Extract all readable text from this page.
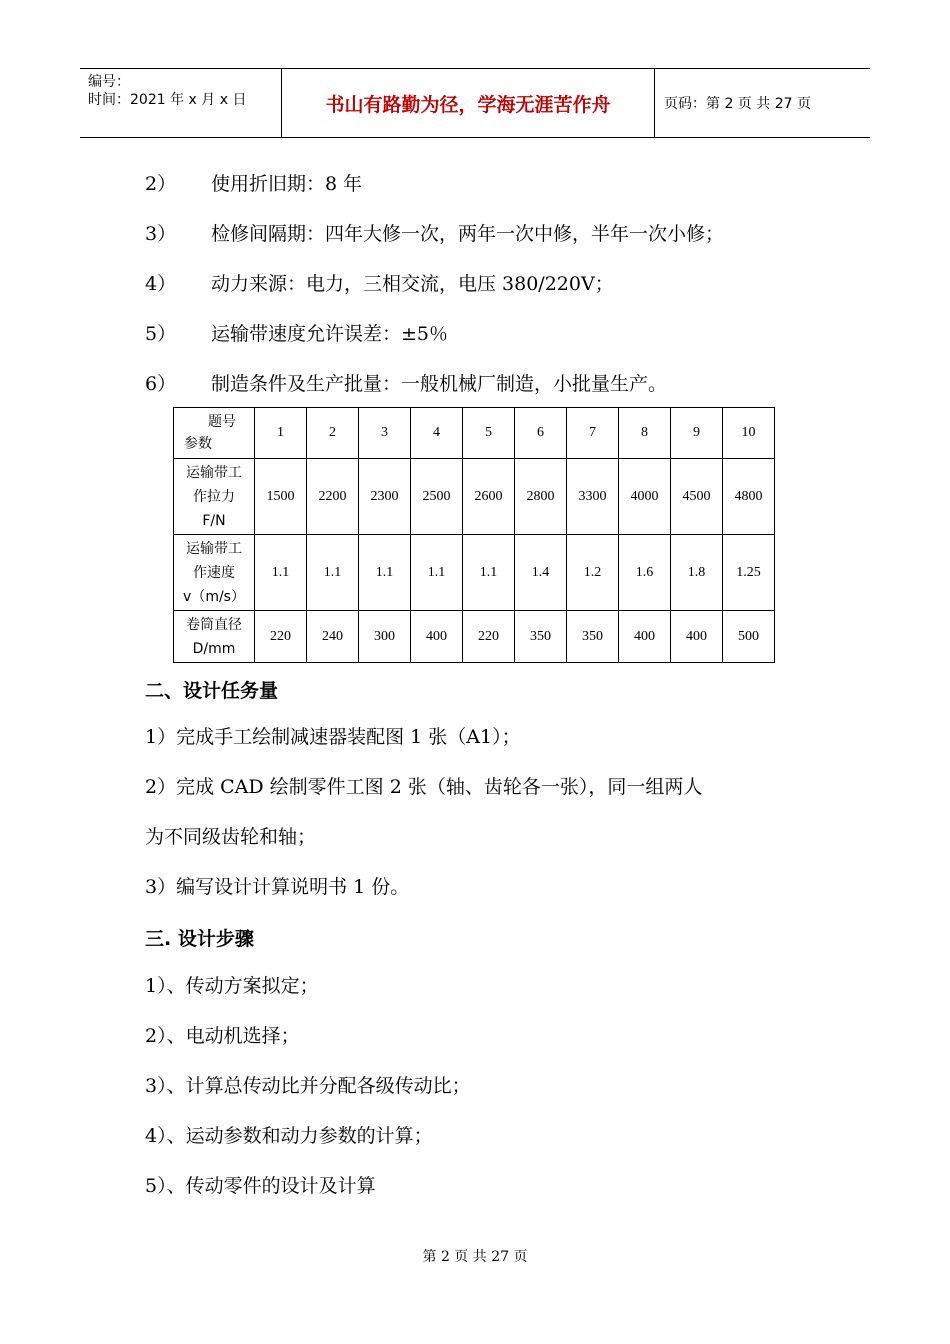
编号：
时间：2021 年 x 月 x 日	书山有路勤为径，学海无涯苦作舟	页码：第 2 页 共 27 页
2） 使用折旧期：8 年
3） 检修间隔期：四年大修一次，两年一次中修，半年一次小修；
4） 动力来源：电力，三相交流，电压 380/220V；
5） 运输带速度允许误差：±5％
6） 制造条件及生产批量：一般机械厂制造，小批量生产。
题号
参数	1	2	3	4	5	6	7	8	9	10

运输带工
作拉力
F/N	1500	2200	2300	2500	2600	2800	3300	4000	4500	4800

运输带工
作速度
v（m/s）	1.1	1.1	1.1	1.1	1.1	1.4	1.2	1.6	1.8	1.25

卷筒直径
D/mm	220	240	300	400	220	350	350	400	400	500
二、设计任务量
1）完成手工绘制减速器装配图 1 张（A1）；
2）完成 CAD 绘制零件工图 2 张（轴、齿轮各一张），同一组两人
为不同级齿轮和轴；
3）编写设计计算说明书 1 份。
三. 设计步骤
1）、传动方案拟定；
2）、电动机选择；
3）、计算总传动比并分配各级传动比；
4）、运动参数和动力参数的计算；
5）、传动零件的设计及计算
第 2 页 共 27 页
